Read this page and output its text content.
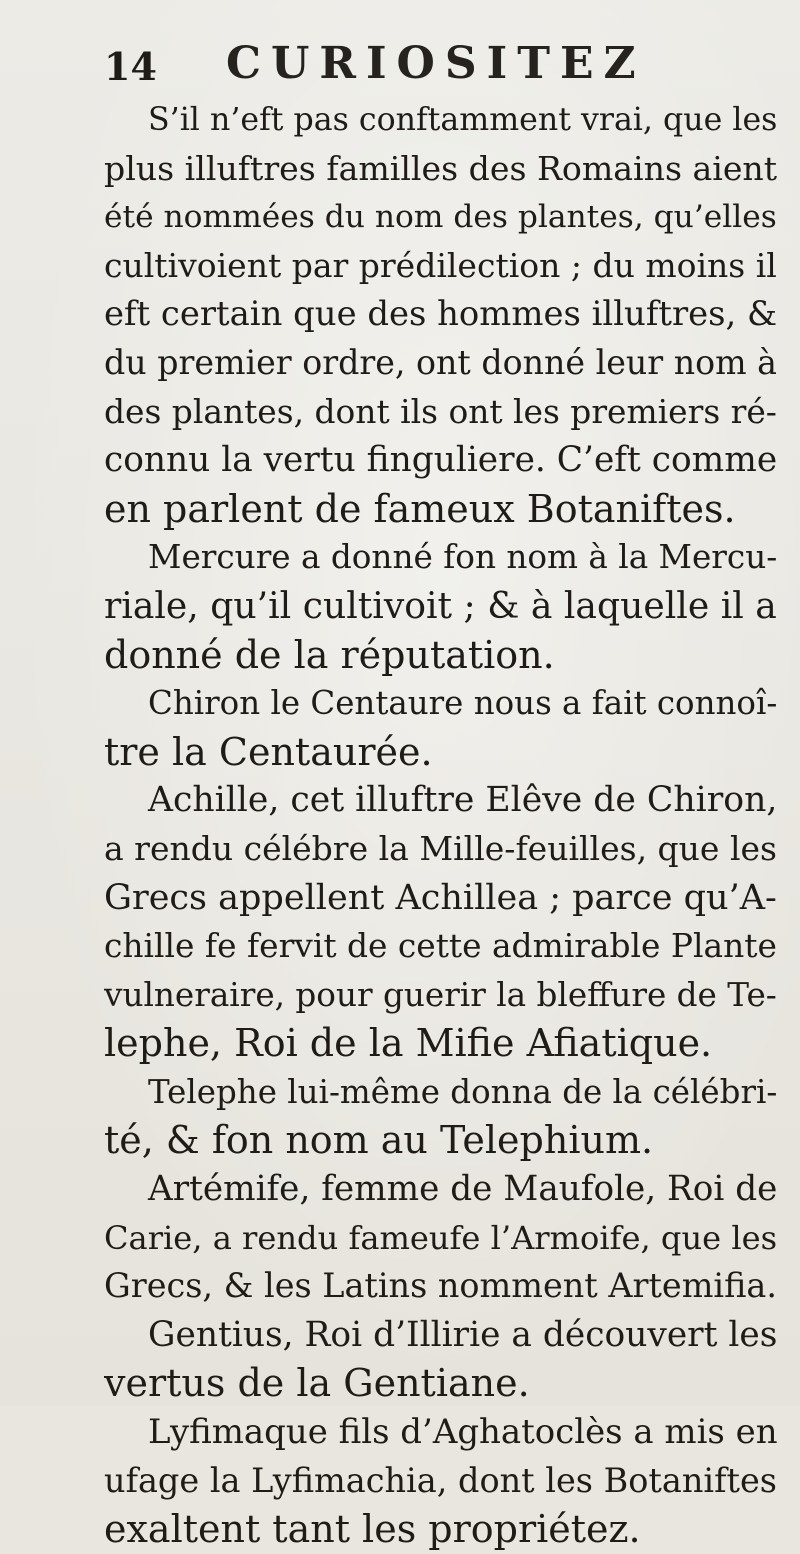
14 CURIOSITEZ
S’il n’eft pas conftamment vrai, que les
plus illuftres familles des Romains aient
été nommées du nom des plantes, qu’elles
cultivoient par prédilection ; du moins il
eft certain que des hommes illuftres, &
du premier ordre, ont donné leur nom à
des plantes, dont ils ont les premiers ré-
connu la vertu finguliere. C’eft comme
en parlent de fameux Botaniftes.
Mercure a donné fon nom à la Mercu-
riale, qu’il cultivoit ; & à laquelle il a
donné de la réputation.
Chiron le Centaure nous a fait connoî-
tre la Centaurée.
Achille, cet illuftre Elêve de Chiron,
a rendu célébre la Mille-feuilles, que les
Grecs appellent Achillea ; parce qu’A-
chille fe fervit de cette admirable Plante
vulneraire, pour guerir la bleffure de Te-
lephe, Roi de la Mifie Afiatique.
Telephe lui-même donna de la célébri-
té, & fon nom au Telephium.
Artémife, femme de Maufole, Roi de
Carie, a rendu fameufe l’Armoife, que les
Grecs, & les Latins nomment Artemifia.
Gentius, Roi d’Illirie a découvert les
vertus de la Gentiane.
Lyfimaque fils d’Aghatoclès a mis en
ufage la Lyfimachia, dont les Botaniftes
exaltent tant les propriétez.
